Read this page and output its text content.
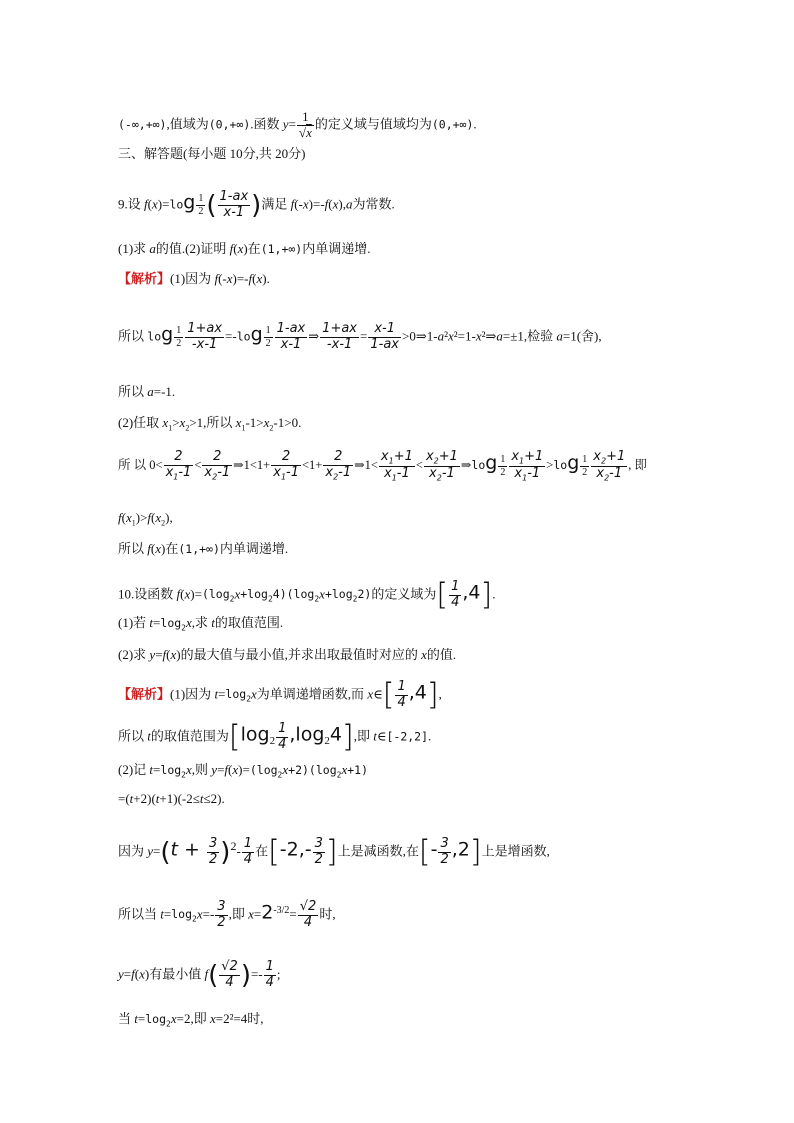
(-∞,+∞),值域为(0,+∞).函数 $y= \frac{1}{√x}$ 的定义域与值域均为(0,+∞).
三、解答题(每小题 10分,共 20分)
9.设 $f(x)=\log \frac{1}{2}$ ( $\frac{1-ax}{x-1}$ )满足 f(-x)=-f(x),a为常数.
(1)求 a的值.(2)证明 f(x)在(1,+∞)内单调递增.
【解析】(1)因为 f(-x)=-f(x).
所以 $\log \frac{1}{2} \frac{1+ax}{-x-1} =-\log \frac{1}{2} \frac{1-ax}{x-1}$ ⇒ $\frac{1+ax}{-x-1} = \frac{x-1}{1-ax}$ >0⇒1-a²x²=1-x²⇒a=±1,检验 a=1(舍),
所以 a=-1.
(2)任取 $x_1>x_2>1$,所以 $x_1-1>x_2-1>0$.
所 以 $0< \frac{2}{x_1-1} < \frac{2}{x_2-1}$ ⇒1<1+ $\frac{2}{x_1-1} <1+ \frac{2}{x_2-1}$ ⇒1< $\frac{x_1+1}{x_1-1} < \frac{x_2+1}{x_2-1}$ ⇒log $\frac{1}{2} \frac{x_1+1}{x_1-1} >\log \frac{1}{2} \frac{x_2+1}{x_2-1}$ , 即
$f(x_1)>f(x_2)$,
所以 f(x)在(1,+∞)内单调递增.
10.设函数 $f(x)=(\log_2x+\log_24)(\log_2x+\log_22)$的定义域为[ $\frac{1}{4} ,4$].
(1)若 $t=\log_2x$,求 t的取值范围.
(2)求 y=f(x)的最大值与最小值,并求出取最值时对应的 x的值.
【解析】(1)因为 $t=\log_2x$为单调递增函数,而 x∈[ $\frac{1}{4} ,4$],
所以 t的取值范围为$[\log_2 \frac{1}{4} ,\log_24]$,即 t∈[-2,2].
(2)记 $t=\log_2x$,则 $y=f(x)=(\log_2x+2)(\log_2x+1)$
=(t+2)(t+1)(-2≤t≤2).
因为 $y=(t + \frac{3}{2} )^2- \frac{1}{4}$ 在[$-2,- \frac{3}{2}$ ]上是减函数,在[- $\frac{3}{2} ,2$]上是增函数,
所以当 $t=\log_2x=- \frac{3}{2}$ ,即 $x=2^{-3/2}= \frac{√2}{4}$ 时,
y=f(x)有最小值 $f( \frac{√2}{4}$ )=- $\frac{1}{4}$ ;
当 $t=\log_2x=2$,即 x=2²=4时,
